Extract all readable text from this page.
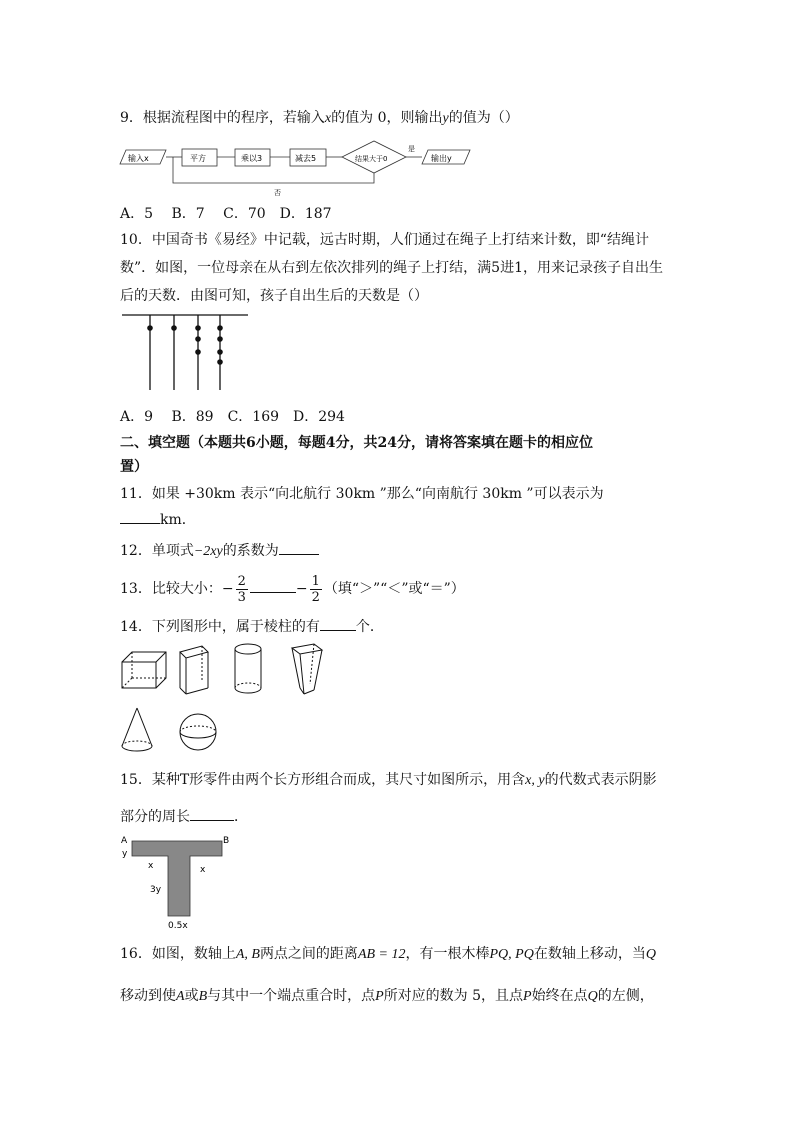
9．根据流程图中的程序，若输入x的值为 0，则输出y的值为（）
输入x	平方	乘以3	减去5	结果大于0
是
输出y
否
A．5　 B．7　 C．70　D．187
10．中国奇书《易经》中记载，远古时期，人们通过在绳子上打结来计数，即“结绳计
数”．如图，一位母亲在从右到左依次排列的绳子上打结，满5进1，用来记录孩子自出生
后的天数．由图可知，孩子自出生后的天数是（）
A．9　 B．89　C．169　D．294
二、填空题（本题共6小题，每题4分，共24分，请将答案填在题卡的相应位
置）
11．如果 +30km 表示“向北航行 30km ”那么“向南航行 30km ”可以表示为
km．
12．单项式−2xy的系数为
13．比较大小：− $\frac{2}{3}$	− $\frac{1}{2}$ （填“＞”“＜”或“＝”）
14．下列图形中，属于棱柱的有	个．
15．某种T形零件由两个长方形组合而成，其尺寸如图所示，用含x, y的代数式表示阴影
部分的周长	．
A	B
y
x	x
3y
0.5x
16．如图，数轴上A, B两点之间的距离AB = 12，有一根木棒PQ, PQ在数轴上移动，当Q
移动到使A或B与其中一个端点重合时，点P所对应的数为 5，且点P始终在点Q的左侧，
